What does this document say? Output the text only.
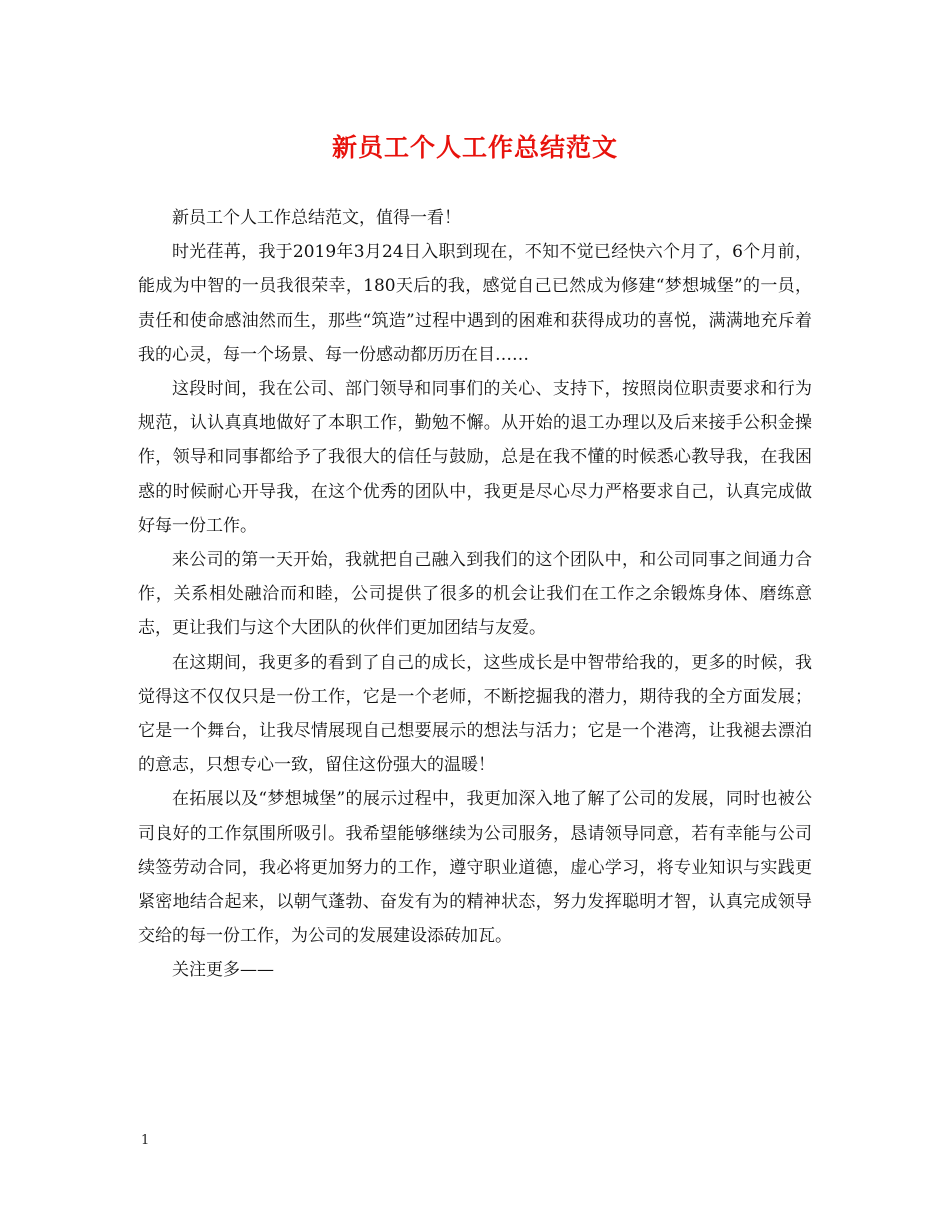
新员工个人工作总结范文

新员工个人工作总结范文，值得一看！

时光荏苒，我于2019年3月24日入职到现在，不知不觉已经快六个月了，6个月前，能成为中智的一员我很荣幸，180天后的我，感觉自己已然成为修建“梦想城堡”的一员，责任和使命感油然而生，那些“筑造”过程中遇到的困难和获得成功的喜悦，满满地充斥着我的心灵，每一个场景、每一份感动都历历在目……

这段时间，我在公司、部门领导和同事们的关心、支持下，按照岗位职责要求和行为规范，认认真真地做好了本职工作，勤勉不懈。从开始的退工办理以及后来接手公积金操作，领导和同事都给予了我很大的信任与鼓励，总是在我不懂的时候悉心教导我，在我困惑的时候耐心开导我，在这个优秀的团队中，我更是尽心尽力严格要求自己，认真完成做好每一份工作。

来公司的第一天开始，我就把自己融入到我们的这个团队中，和公司同事之间通力合作，关系相处融洽而和睦，公司提供了很多的机会让我们在工作之余锻炼身体、磨练意志，更让我们与这个大团队的伙伴们更加团结与友爱。

在这期间，我更多的看到了自己的成长，这些成长是中智带给我的，更多的时候，我觉得这不仅仅只是一份工作，它是一个老师，不断挖掘我的潜力，期待我的全方面发展；它是一个舞台，让我尽情展现自己想要展示的想法与活力；它是一个港湾，让我褪去漂泊的意志，只想专心一致，留住这份强大的温暖！

在拓展以及“梦想城堡”的展示过程中，我更加深入地了解了公司的发展，同时也被公司良好的工作氛围所吸引。我希望能够继续为公司服务，恳请领导同意，若有幸能与公司续签劳动合同，我必将更加努力的工作，遵守职业道德，虚心学习，将专业知识与实践更紧密地结合起来，以朝气蓬勃、奋发有为的精神状态，努力发挥聪明才智，认真完成领导交给的每一份工作，为公司的发展建设添砖加瓦。

关注更多——

1
